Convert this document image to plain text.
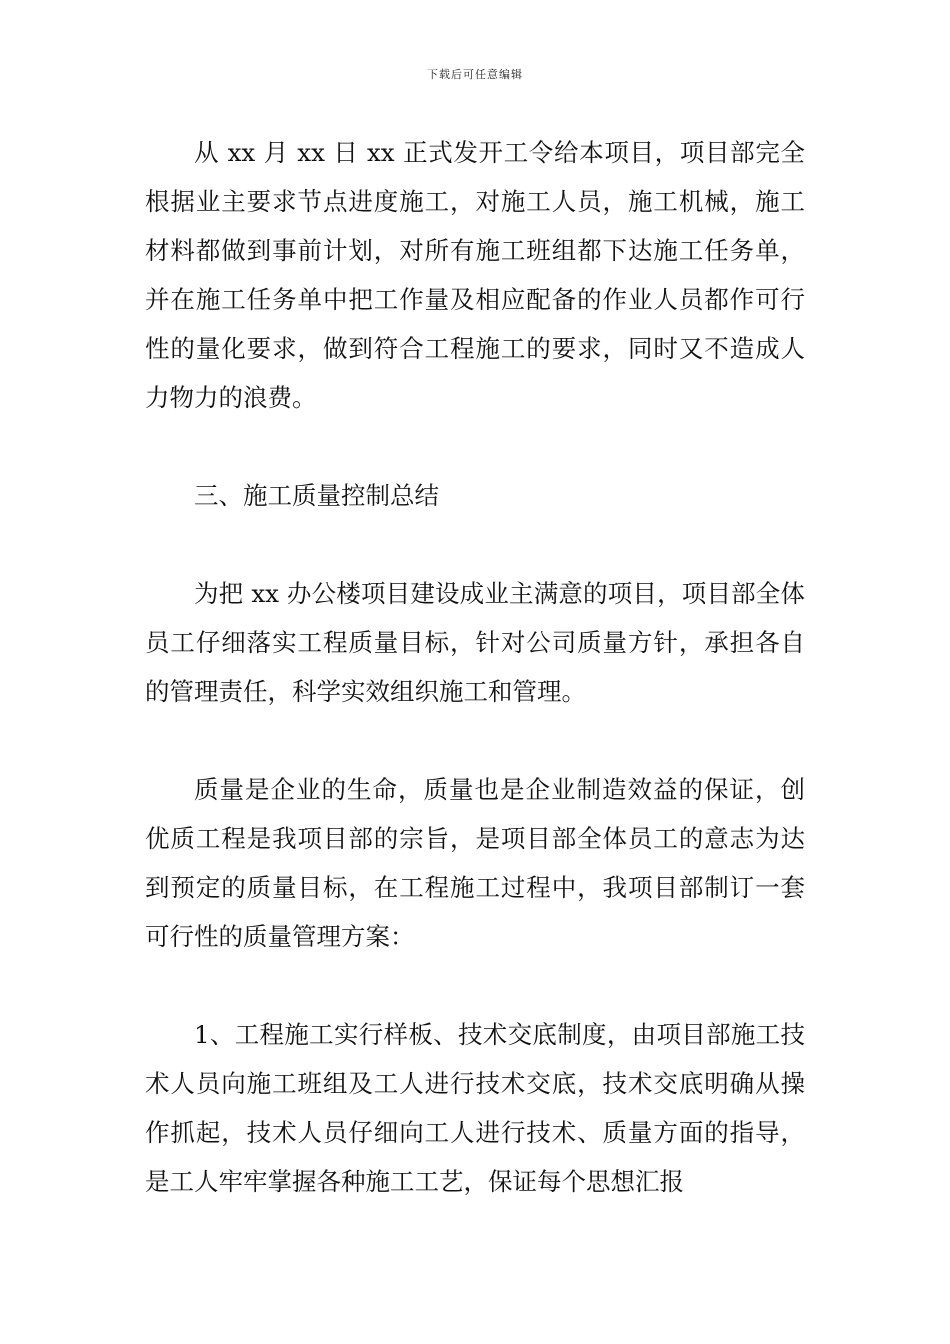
下载后可任意编辑

从 xx 月 xx 日 xx 正式发开工令给本项目，项目部完全根据业主要求节点进度施工，对施工人员，施工机械，施工材料都做到事前计划，对所有施工班组都下达施工任务单，并在施工任务单中把工作量及相应配备的作业人员都作可行性的量化要求，做到符合工程施工的要求，同时又不造成人力物力的浪费。

三、施工质量控制总结

为把 xx 办公楼项目建设成业主满意的项目，项目部全体员工仔细落实工程质量目标，针对公司质量方针，承担各自的管理责任，科学实效组织施工和管理。

质量是企业的生命，质量也是企业制造效益的保证，创优质工程是我项目部的宗旨，是项目部全体员工的意志为达到预定的质量目标，在工程施工过程中，我项目部制订一套可行性的质量管理方案：

1、工程施工实行样板、技术交底制度，由项目部施工技术人员向施工班组及工人进行技术交底，技术交底明确从操作抓起，技术人员仔细向工人进行技术、质量方面的指导，是工人牢牢掌握各种施工工艺，保证每个思想汇报
